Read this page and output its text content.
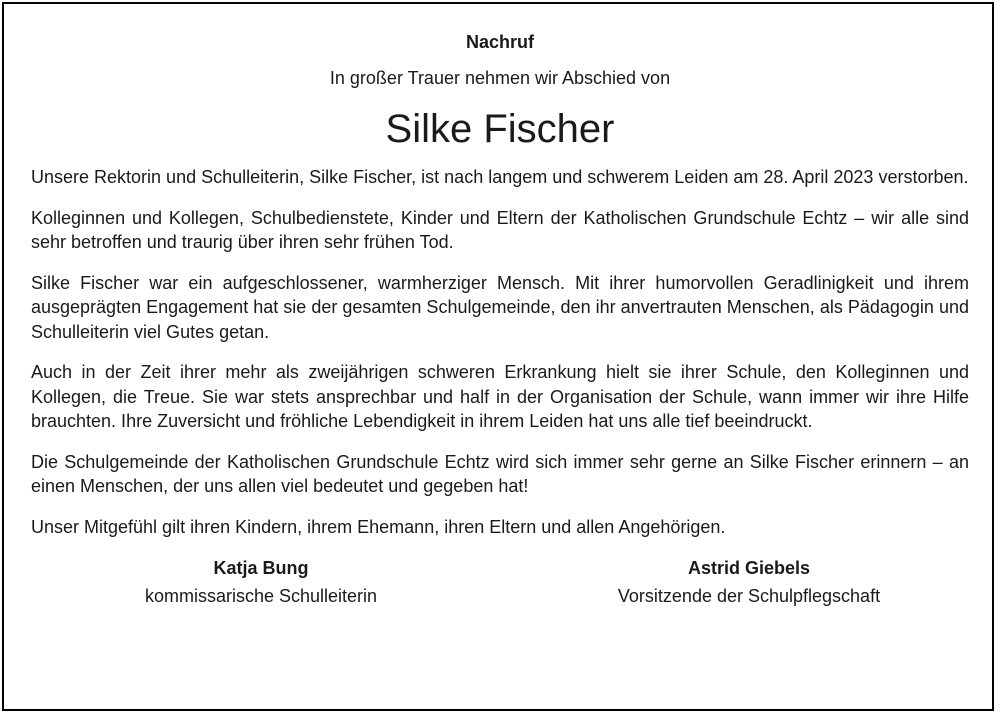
Nachruf

In großer Trauer nehmen wir Abschied von

Silke Fischer

Unsere Rektorin und Schulleiterin, Silke Fischer, ist nach langem und schwerem Leiden am 28. April 2023 verstorben.

Kolleginnen und Kollegen, Schulbedienstete, Kinder und Eltern der Katholischen Grundschule Echtz – wir alle sind sehr betroffen und traurig über ihren sehr frühen Tod.

Silke Fischer war ein aufgeschlossener, warmherziger Mensch. Mit ihrer humorvollen Geradlinigkeit und ihrem ausgeprägten Engagement hat sie der gesamten Schulgemeinde, den ihr anvertrauten Menschen, als Pädagogin und Schulleiterin viel Gutes getan.

Auch in der Zeit ihrer mehr als zweijährigen schweren Erkrankung hielt sie ihrer Schule, den Kolleginnen und Kollegen, die Treue. Sie war stets ansprechbar und half in der Organisation der Schule, wann immer wir ihre Hilfe brauchten. Ihre Zuversicht und fröhliche Lebendigkeit in ihrem Leiden hat uns alle tief beeindruckt.

Die Schulgemeinde der Katholischen Grundschule Echtz wird sich immer sehr gerne an Silke Fischer erinnern – an einen Menschen, der uns allen viel bedeutet und gegeben hat!

Unser Mitgefühl gilt ihren Kindern, ihrem Ehemann, ihren Eltern und allen Angehörigen.

Katja Bung
kommissarische Schulleiterin
Astrid Giebels
Vorsitzende der Schulpflegschaft
